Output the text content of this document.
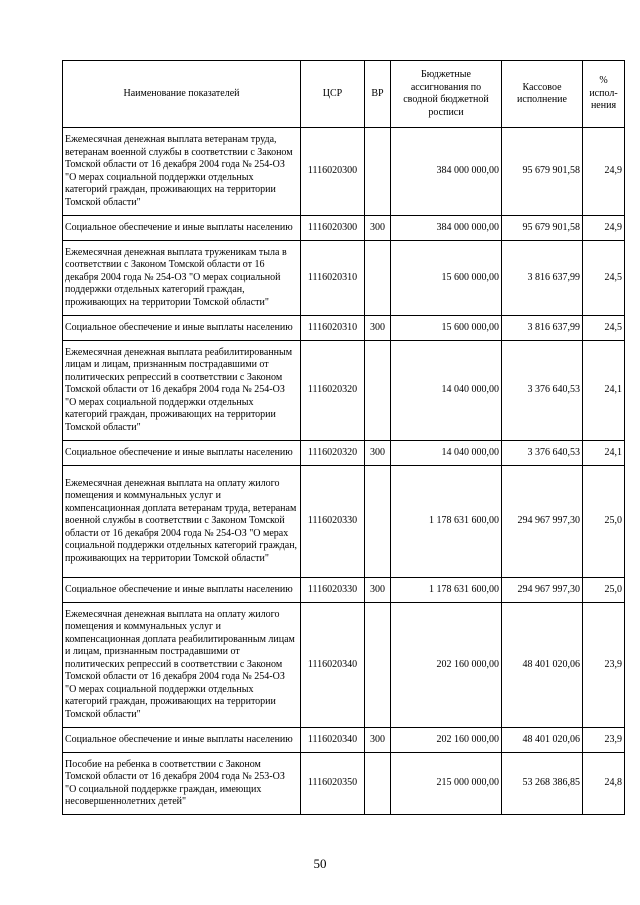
Наименование показателей	ЦСР	ВР	Бюджетные ассигнования по сводной бюджетной росписи	Кассовое исполнение	% испол-нения
Ежемесячная денежная выплата ветеранам труда, ветеранам военной службы в соответствии с Законом Томской области от 16 декабря 2004 года № 254-ОЗ "О мерах социальной поддержки отдельных категорий граждан, проживающих на территории Томской области"	1116020300		384 000 000,00	95 679 901,58	24,9
Социальное обеспечение и иные выплаты населению	1116020300	300	384 000 000,00	95 679 901,58	24,9
Ежемесячная денежная выплата труженикам тыла в соответствии с Законом Томской области от 16 декабря 2004 года № 254-ОЗ "О мерах социальной поддержки отдельных категорий граждан, проживающих на территории Томской области"	1116020310		15 600 000,00	3 816 637,99	24,5
Социальное обеспечение и иные выплаты населению	1116020310	300	15 600 000,00	3 816 637,99	24,5
Ежемесячная денежная выплата реабилитированным лицам и лицам, признанным пострадавшими от политических репрессий в соответствии с Законом Томской области от 16 декабря 2004 года № 254-ОЗ "О мерах социальной поддержки отдельных категорий граждан, проживающих на территории Томской области"	1116020320		14 040 000,00	3 376 640,53	24,1
Социальное обеспечение и иные выплаты населению	1116020320	300	14 040 000,00	3 376 640,53	24,1
Ежемесячная денежная выплата на оплату жилого помещения и коммунальных услуг и компенсационная доплата ветеранам труда, ветеранам военной службы в соответствии с Законом Томской области от 16 декабря 2004 года № 254-ОЗ "О мерах социальной поддержки отдельных категорий граждан, проживающих на территории Томской области"	1116020330		1 178 631 600,00	294 967 997,30	25,0
Социальное обеспечение и иные выплаты населению	1116020330	300	1 178 631 600,00	294 967 997,30	25,0
Ежемесячная денежная выплата на оплату жилого помещения и коммунальных услуг и компенсационная доплата реабилитированным лицам и лицам, признанным пострадавшими от политических репрессий в соответствии с Законом Томской области от 16 декабря 2004 года № 254-ОЗ "О мерах социальной поддержки отдельных категорий граждан, проживающих на территории Томской области"	1116020340		202 160 000,00	48 401 020,06	23,9
Социальное обеспечение и иные выплаты населению	1116020340	300	202 160 000,00	48 401 020,06	23,9
Пособие на ребенка в соответствии с Законом Томской области от 16 декабря 2004 года № 253-ОЗ "О социальной поддержке граждан, имеющих несовершеннолетних детей"	1116020350		215 000 000,00	53 268 386,85	24,8
50
